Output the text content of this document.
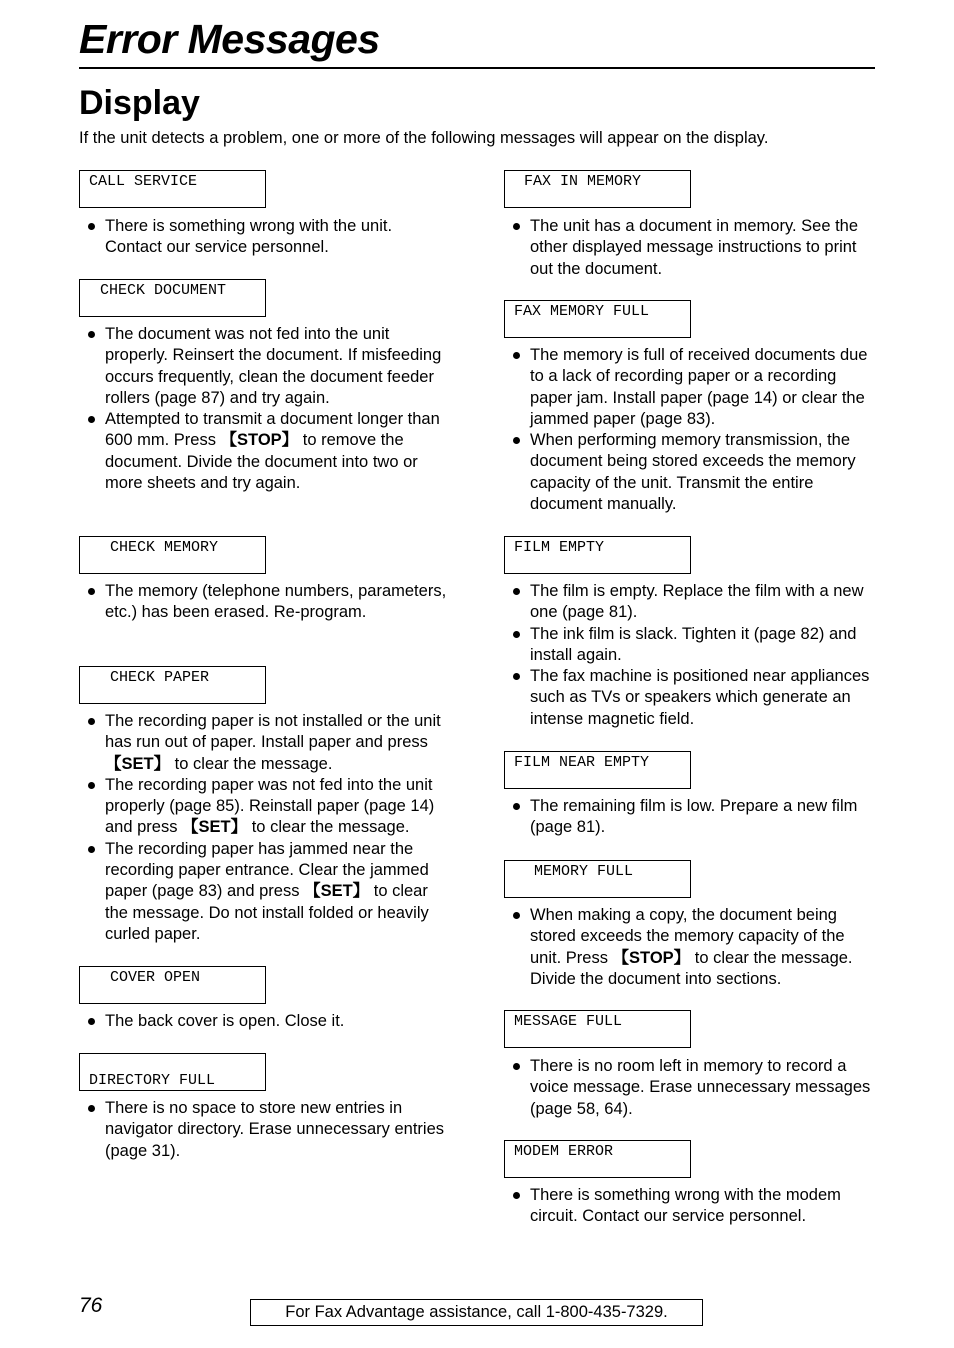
Error Messages
Display

If the unit detects a problem, one or more of the following messages will appear on the display.

CALL SERVICE

There is something wrong with the unit. Contact our service personnel.

CHECK DOCUMENT

The document was not fed into the unit properly. Reinsert the document. If misfeeding occurs frequently, clean the document feeder rollers (page 87) and try again.
Attempted to transmit a document longer than 600 mm. Press 【STOP】 to remove the document. Divide the document into two or more sheets and try again.

CHECK MEMORY

The memory (telephone numbers, parameters, etc.) has been erased. Re-program.

CHECK PAPER

The recording paper is not installed or the unit has run out of paper. Install paper and press 【SET】 to clear the message.
The recording paper was not fed into the unit properly (page 85). Reinstall paper (page 14) and press 【SET】 to clear the message.
The recording paper has jammed near the recording paper entrance. Clear the jammed paper (page 83) and press 【SET】 to clear the message. Do not install folded or heavily curled paper.

COVER OPEN

The back cover is open. Close it.

DIRECTORY FULL

There is no space to store new entries in navigator directory. Erase unnecessary entries (page 31).

FAX IN MEMORY

The unit has a document in memory. See the other displayed message instructions to print out the document.

FAX MEMORY FULL

The memory is full of received documents due to a lack of recording paper or a recording paper jam. Install paper (page 14) or clear the jammed paper (page 83).
When performing memory transmission, the document being stored exceeds the memory capacity of the unit. Transmit the entire document manually.

FILM EMPTY

The film is empty. Replace the film with a new one (page 81).
The ink film is slack. Tighten it (page 82) and install again.
The fax machine is positioned near appliances such as TVs or speakers which generate an intense magnetic field.

FILM NEAR EMPTY

The remaining film is low. Prepare a new film (page 81).

MEMORY FULL

When making a copy, the document being stored exceeds the memory capacity of the unit. Press 【STOP】 to clear the message. Divide the document into sections.

MESSAGE FULL

There is no room left in memory to record a voice message. Erase unnecessary messages (page 58, 64).

MODEM ERROR

There is something wrong with the modem circuit. Contact our service personnel.
76	For Fax Advantage assistance, call 1-800-435-7329.
